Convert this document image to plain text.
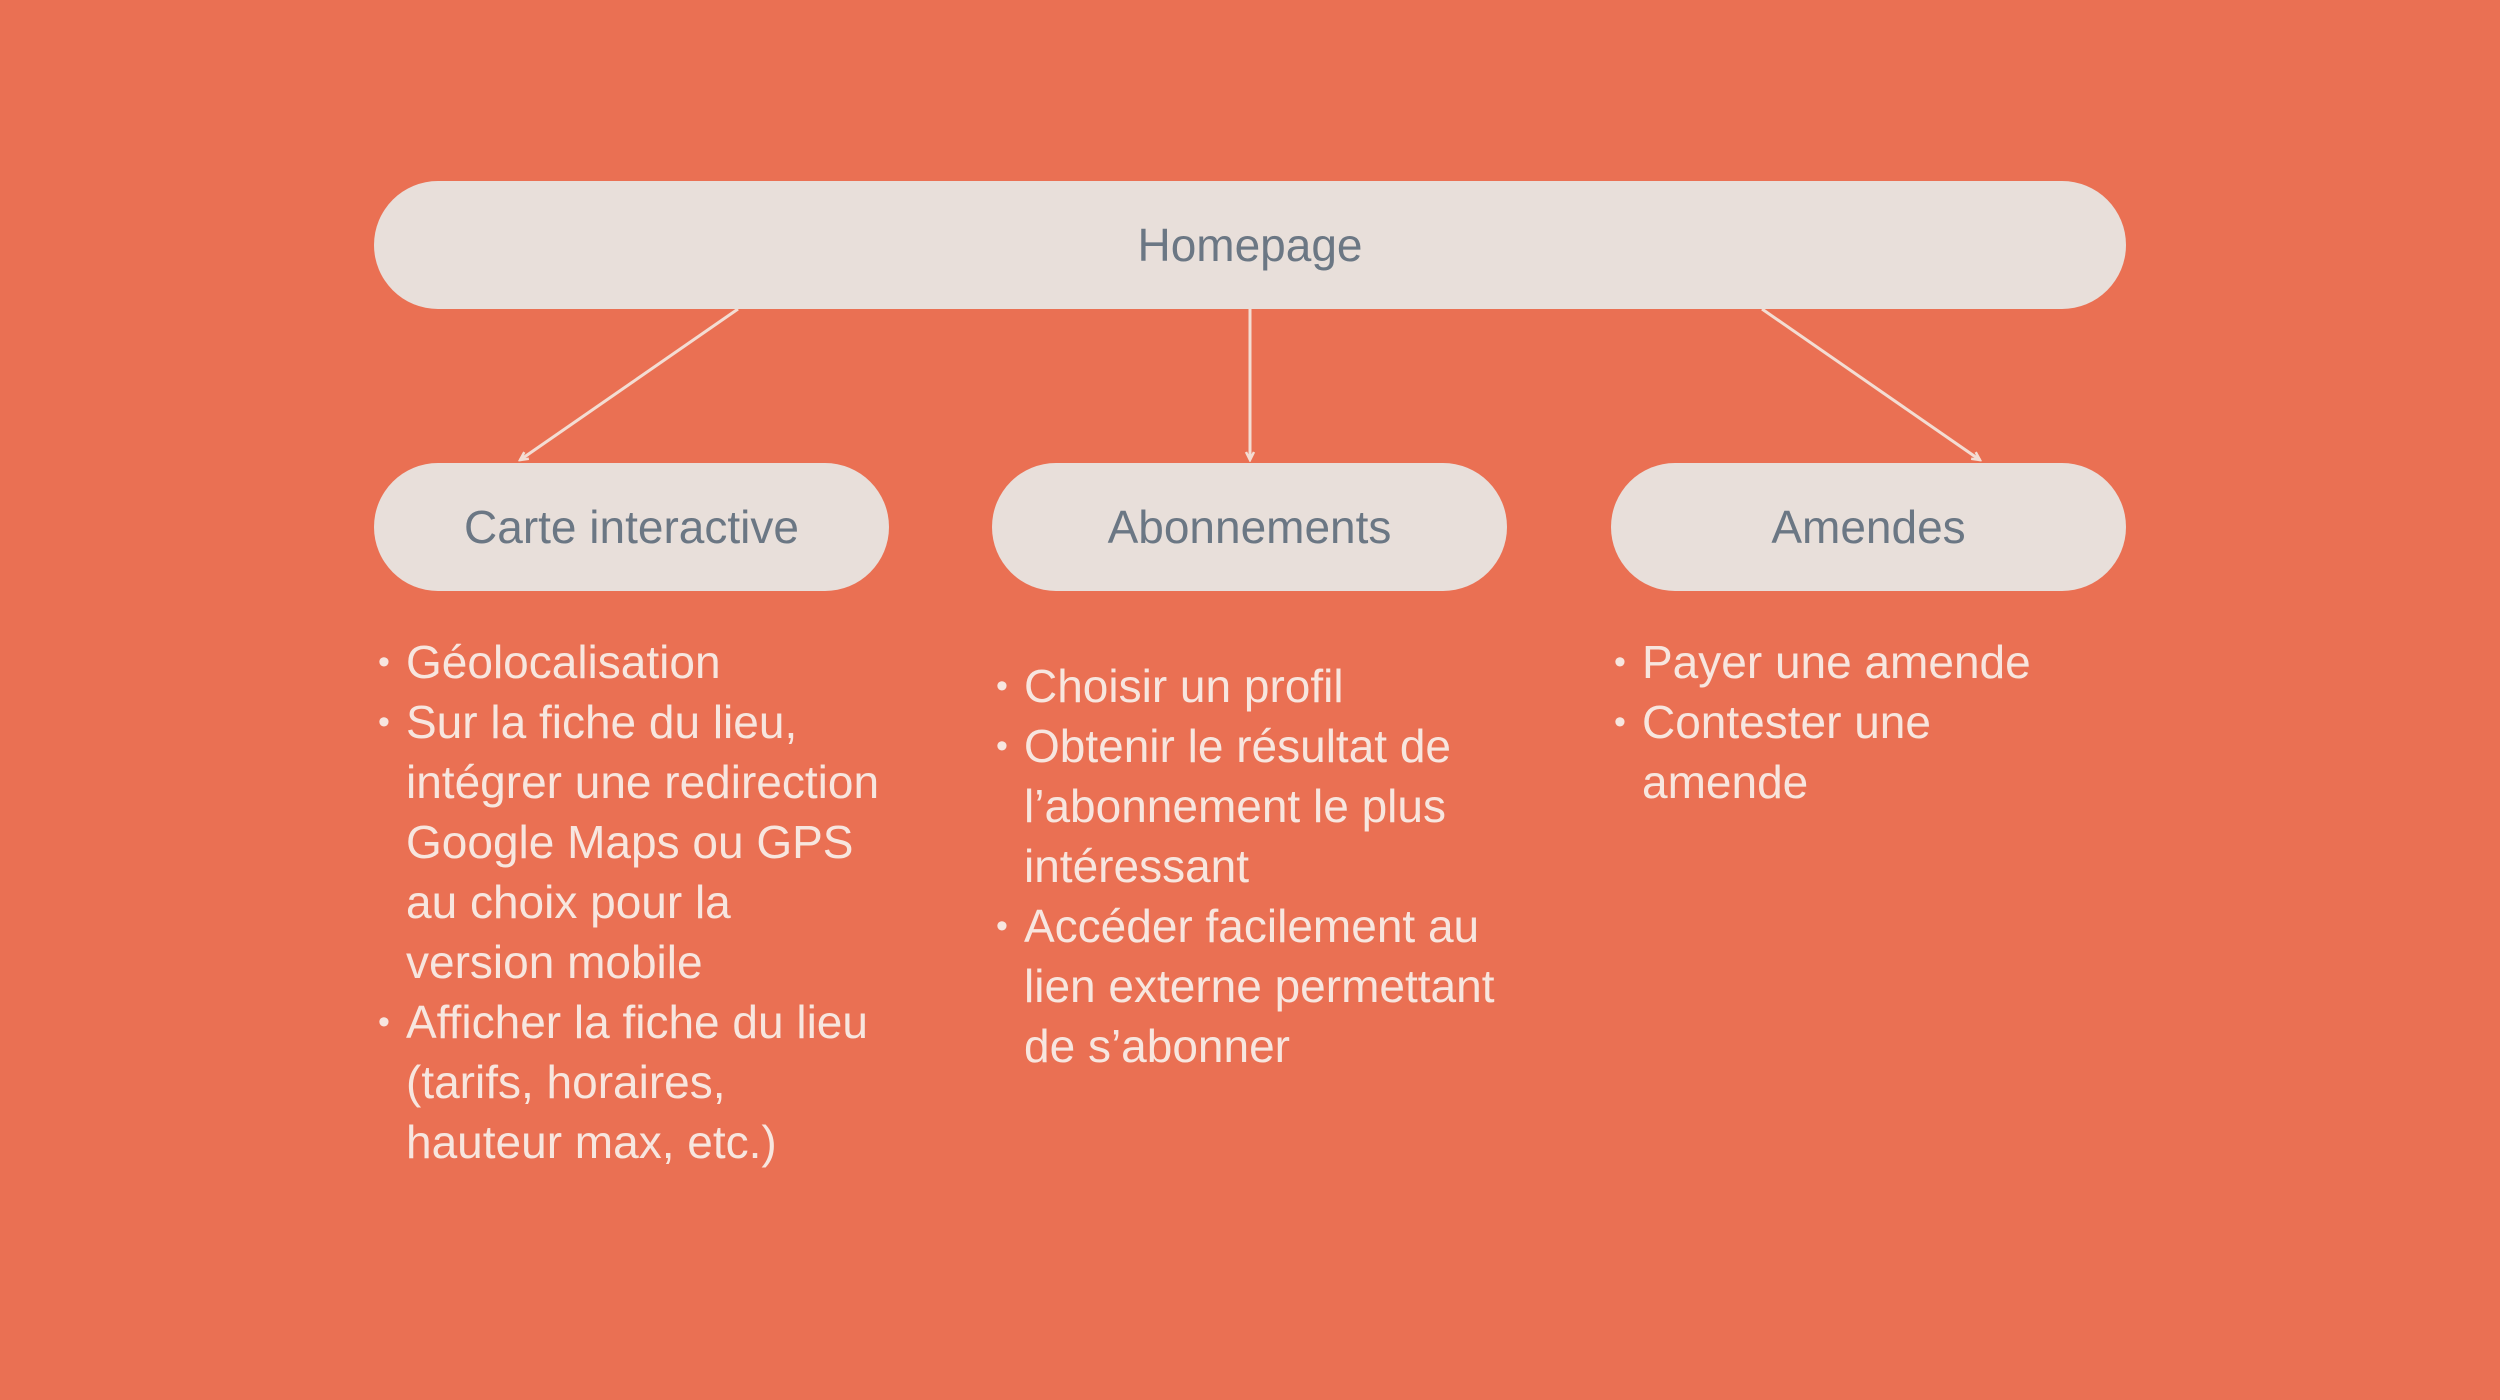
Homepage
Carte interactive	Abonnements	Amendes
• Géolocalisation
• Sur la fiche du lieu, intégrer une redirection Google Maps ou GPS au choix pour la version mobile
• Afficher la fiche du lieu (tarifs, horaires, hauteur max, etc.)
• Choisir un profil
• Obtenir le résultat de l’abonnement le plus intéressant
• Accéder facilement au lien externe permettant de s’abonner
• Payer une amende
• Contester une amende
